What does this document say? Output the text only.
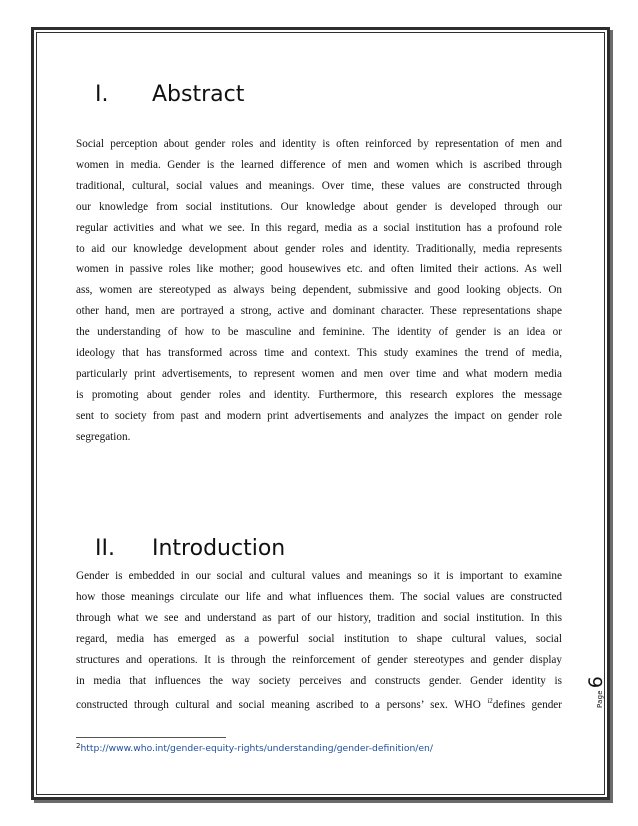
I. Abstract
Social perception about gender roles and identity is often reinforced by representation of men and
women in media. Gender is the learned difference of men and women which is ascribed through
traditional, cultural, social values and meanings. Over time, these values are constructed through
our knowledge from social institutions. Our knowledge about gender is developed through our
regular activities and what we see. In this regard, media as a social institution has a profound role
to aid our knowledge development about gender roles and identity. Traditionally, media represents
women in passive roles like mother; good housewives etc. and often limited their actions. As well
ass, women are stereotyped as always being dependent, submissive and good looking objects. On
other hand, men are portrayed a strong, active and dominant character. These representations shape
the understanding of how to be masculine and feminine. The identity of gender is an idea or
ideology that has transformed across time and context. This study examines the trend of media,
particularly print advertisements, to represent women and men over time and what modern media
is promoting about gender roles and identity. Furthermore, this research explores the message
sent to society from past and modern print advertisements and analyzes the impact on gender role
segregation.
II. Introduction
Gender is embedded in our social and cultural values and meanings so it is important to examine
how those meanings circulate our life and what influences them. The social values are constructed
through what we see and understand as part of our history, tradition and social institution. In this
regard, media has emerged as a powerful social institution to shape cultural values, social
structures and operations. It is through the reinforcement of gender stereotypes and gender display
in media that influences the way society perceives and constructs gender. Gender identity is
constructed through cultural and social meaning ascribed to a persons’ sex. WHO $^{i2}$defines gender
$^2$http://www.who.int/gender-equity-rights/understanding/gender-definition/en/
Page6
